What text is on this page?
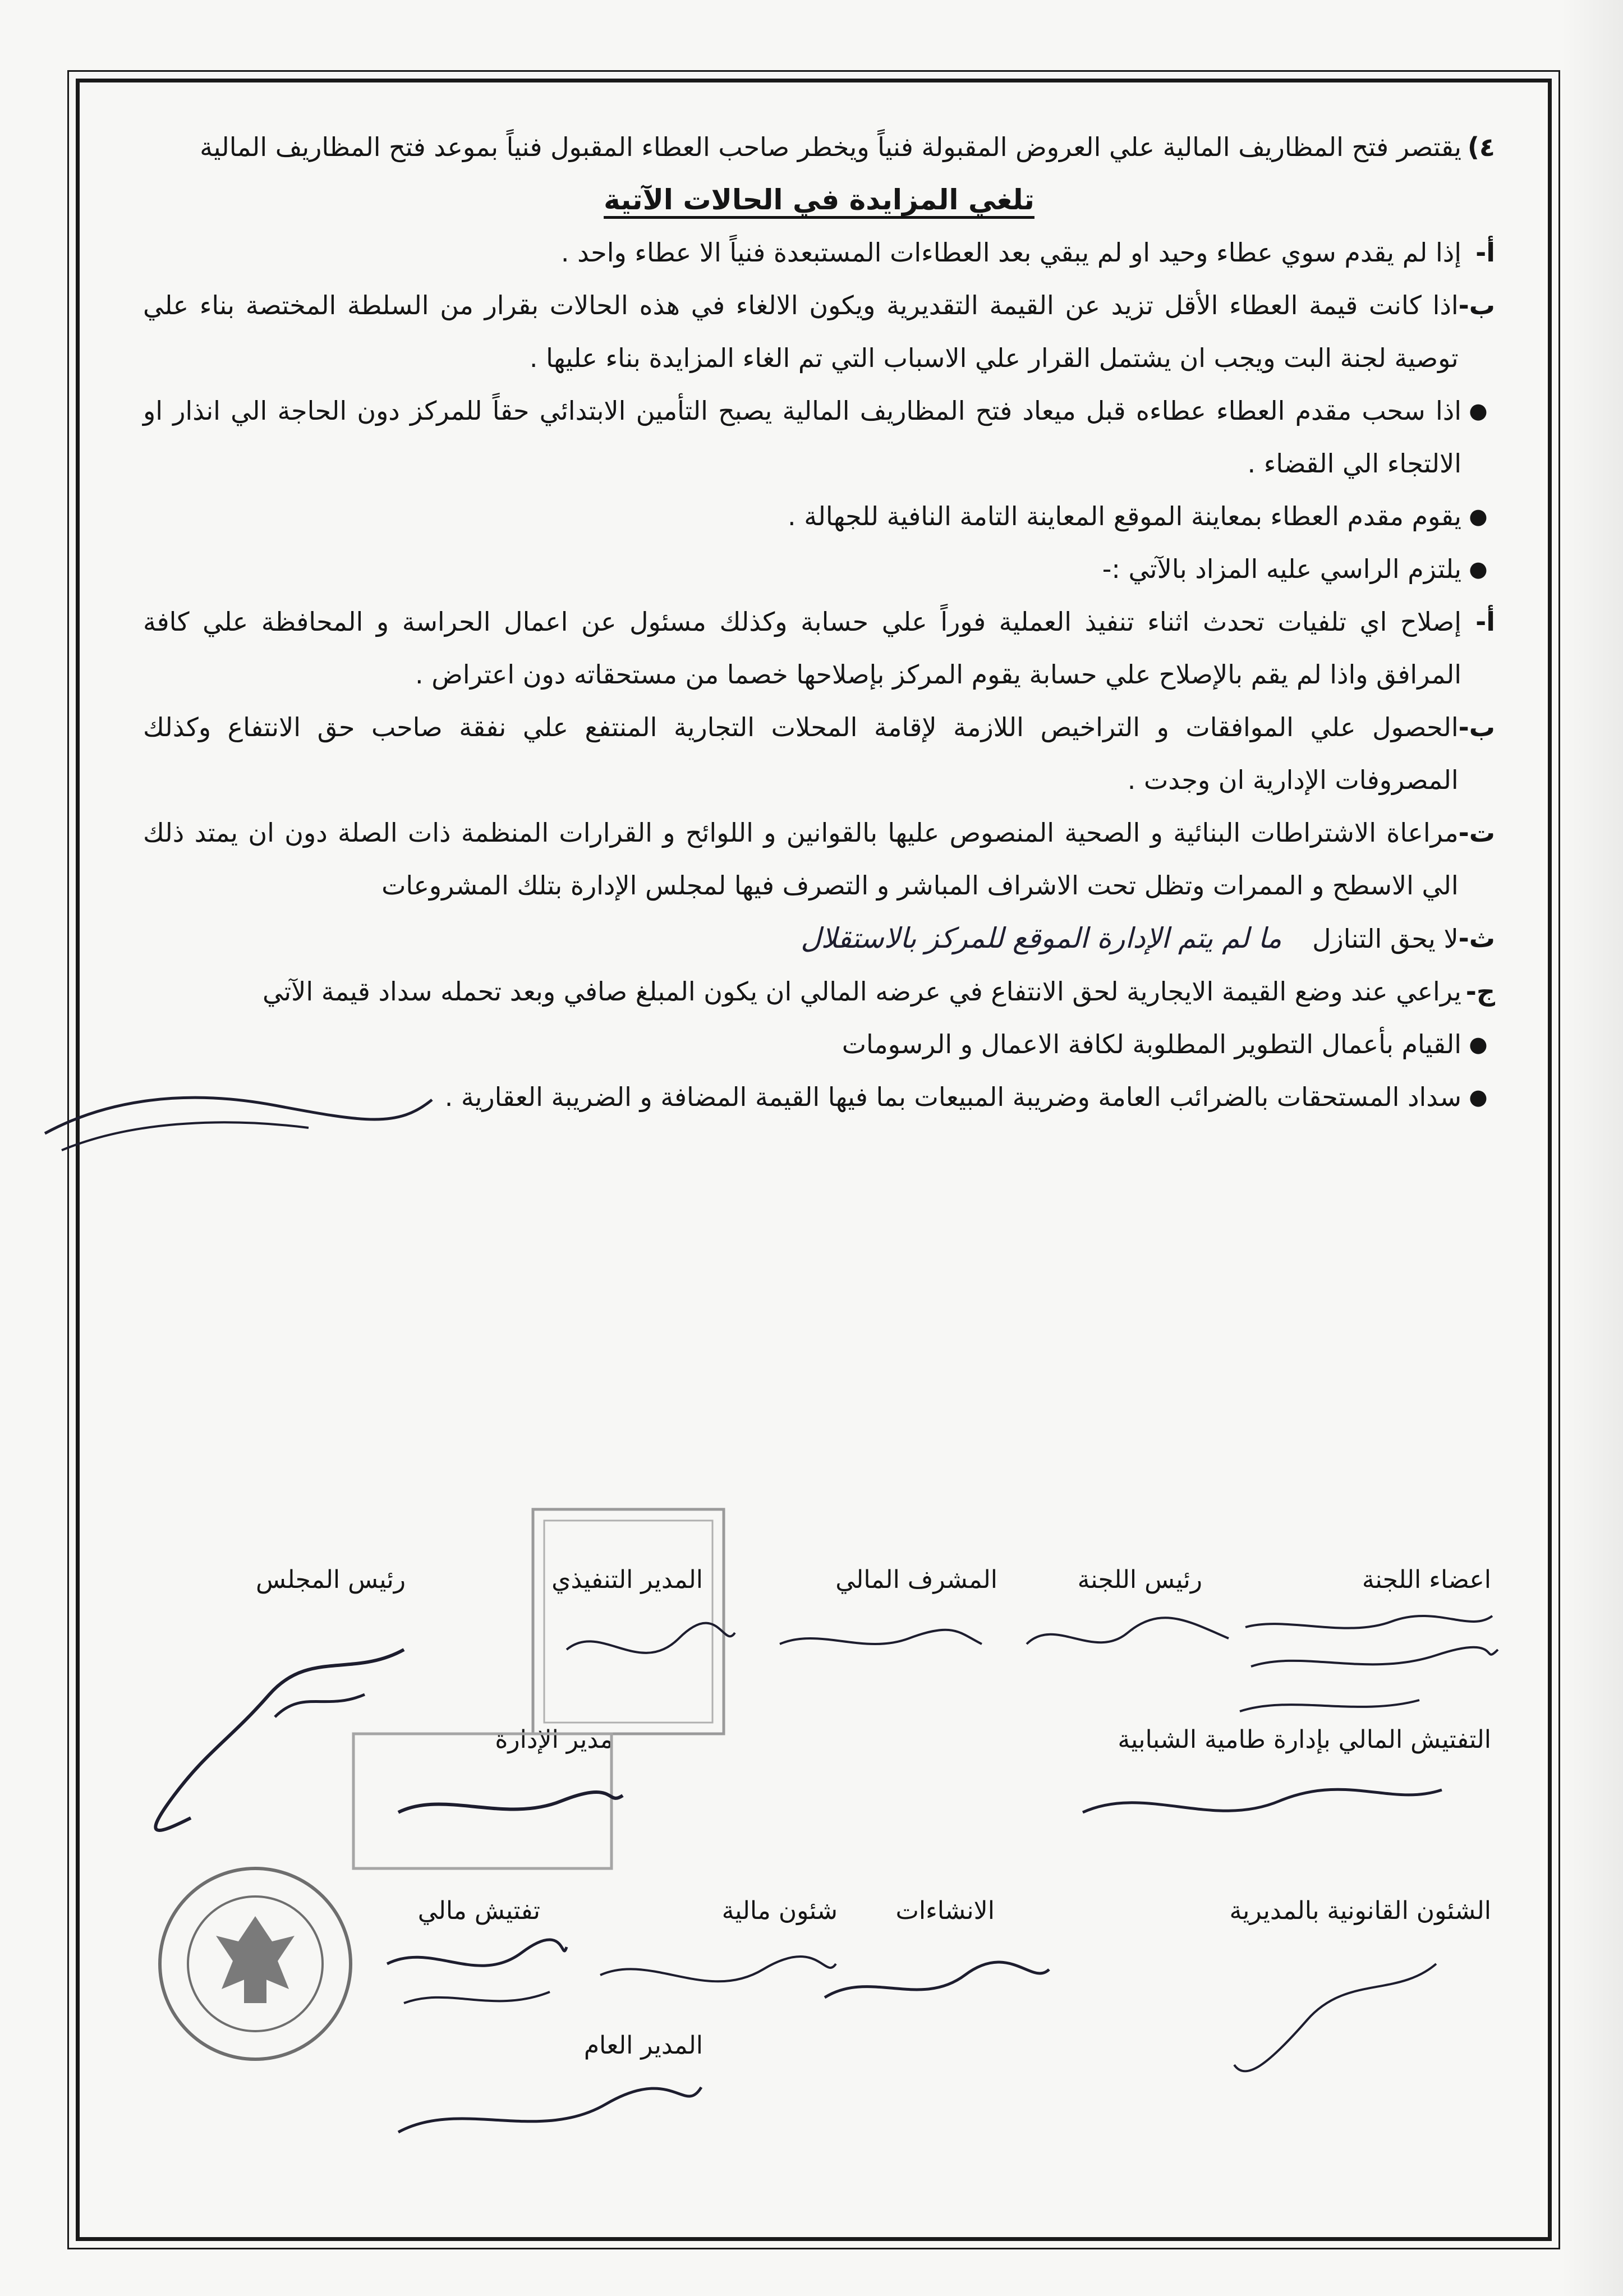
٤)
يقتصر فتح المظاريف المالية علي العروض المقبولة فنياً ويخطر صاحب العطاء المقبول فنياً بموعد فتح المظاريف المالية

تلغي المزايدة في الحالات الآتية

أ-
إذا لم يقدم سوي عطاء وحيد او لم يبقي بعد العطاءات المستبعدة فنياً الا عطاء واحد .
ب-
اذا كانت قيمة العطاء الأقل تزيد عن القيمة التقديرية ويكون الالغاء في هذه الحالات بقرار من السلطة المختصة بناء علي توصية لجنة البت ويجب ان يشتمل القرار علي الاسباب التي تم الغاء المزايدة بناء عليها .
●
اذا سحب مقدم العطاء عطاءه قبل ميعاد فتح المظاريف المالية يصبح التأمين الابتدائي حقاً للمركز دون الحاجة الي انذار او الالتجاء الي القضاء .
●
يقوم مقدم العطاء بمعاينة الموقع المعاينة التامة النافية للجهالة .
●
يلتزم الراسي عليه المزاد بالآتي :-
أ-
إصلاح اي تلفيات تحدث اثناء تنفيذ العملية فوراً علي حسابة وكذلك مسئول عن اعمال الحراسة و المحافظة علي كافة المرافق واذا لم يقم بالإصلاح علي حسابة يقوم المركز بإصلاحها خصما من مستحقاته دون اعتراض .
ب-
الحصول علي الموافقات و التراخيص اللازمة لإقامة المحلات التجارية المنتفع علي نفقة صاحب حق الانتفاع وكذلك المصروفات الإدارية ان وجدت .
ت-
مراعاة الاشتراطات البنائية و الصحية المنصوص عليها بالقوانين و اللوائح و القرارات المنظمة ذات الصلة دون ان يمتد ذلك الي الاسطح و الممرات وتظل تحت الاشراف المباشر و التصرف فيها لمجلس الإدارة بتلك المشروعات
ث-
لا يحق التنازل ما لم يتم الإدارة الموقع للمركز بالاستقلال
ج-
يراعي عند وضع القيمة الايجارية لحق الانتفاع في عرضه المالي ان يكون المبلغ صافي وبعد تحمله سداد قيمة الآتي
●
القيام بأعمال التطوير المطلوبة لكافة الاعمال و الرسومات
●
سداد المستحقات بالضرائب العامة وضريبة المبيعات بما فيها القيمة المضافة و الضريبة العقارية .
اعضاء اللجنة
رئيس اللجنة
المشرف المالي
المدير التنفيذي
رئيس المجلس
التفتيش المالي بإدارة طامية الشبابية
مدير الإدارة
الشئون القانونية بالمديرية
الانشاءات
شئون مالية
تفتيش مالي
المدير العام
